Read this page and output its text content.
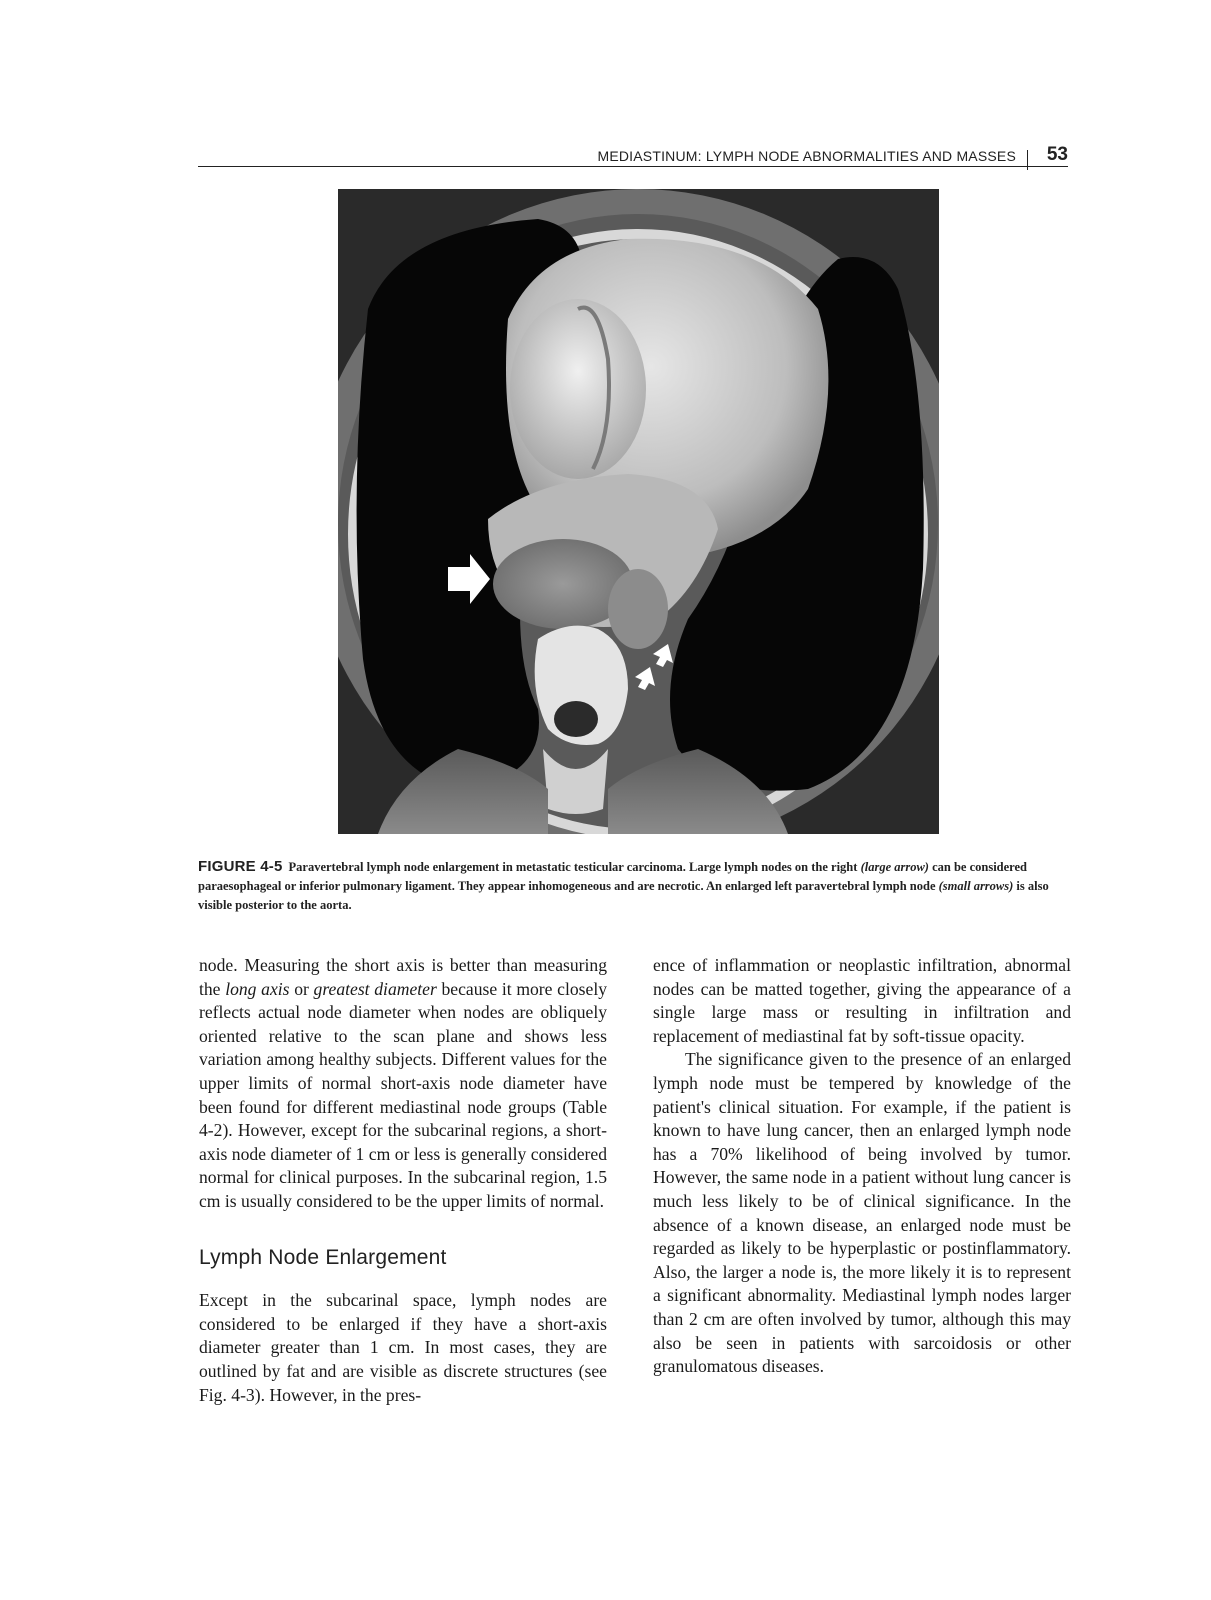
MEDIASTINUM: LYMPH NODE ABNORMALITIES AND MASSES 53
FIGURE 4-5 Paravertebral lymph node enlargement in metastatic testicular carcinoma. Large lymph nodes on the right (large arrow) can be considered paraesophageal or inferior pulmonary ligament. They appear inhomogeneous and are necrotic. An enlarged left paravertebral lymph node (small arrows) is also visible posterior to the aorta.

node. Measuring the short axis is better than measuring the long axis or greatest diameter because it more closely reflects actual node diameter when nodes are obliquely oriented relative to the scan plane and shows less variation among healthy subjects. Different values for the upper limits of normal short-axis node diameter have been found for different mediastinal node groups (Table 4-2). However, except for the subcarinal regions, a short-axis node diameter of 1 cm or less is generally considered normal for clinical purposes. In the subcarinal region, 1.5 cm is usually considered to be the upper limits of normal.

Lymph Node Enlargement

Except in the subcarinal space, lymph nodes are considered to be enlarged if they have a short-axis diameter greater than 1 cm. In most cases, they are outlined by fat and are visible as discrete structures (see Fig. 4-3). However, in the pres-

ence of inflammation or neoplastic infiltration, abnormal nodes can be matted together, giving the appearance of a single large mass or resulting in infiltration and replacement of mediastinal fat by soft-tissue opacity.

The significance given to the presence of an enlarged lymph node must be tempered by knowledge of the patient's clinical situation. For example, if the patient is known to have lung cancer, then an enlarged lymph node has a 70% likelihood of being involved by tumor. However, the same node in a patient without lung cancer is much less likely to be of clinical significance. In the absence of a known disease, an enlarged node must be regarded as likely to be hyperplastic or postinflammatory. Also, the larger a node is, the more likely it is to represent a significant abnormality. Mediastinal lymph nodes larger than 2 cm are often involved by tumor, although this may also be seen in patients with sarcoidosis or other granulomatous diseases.
